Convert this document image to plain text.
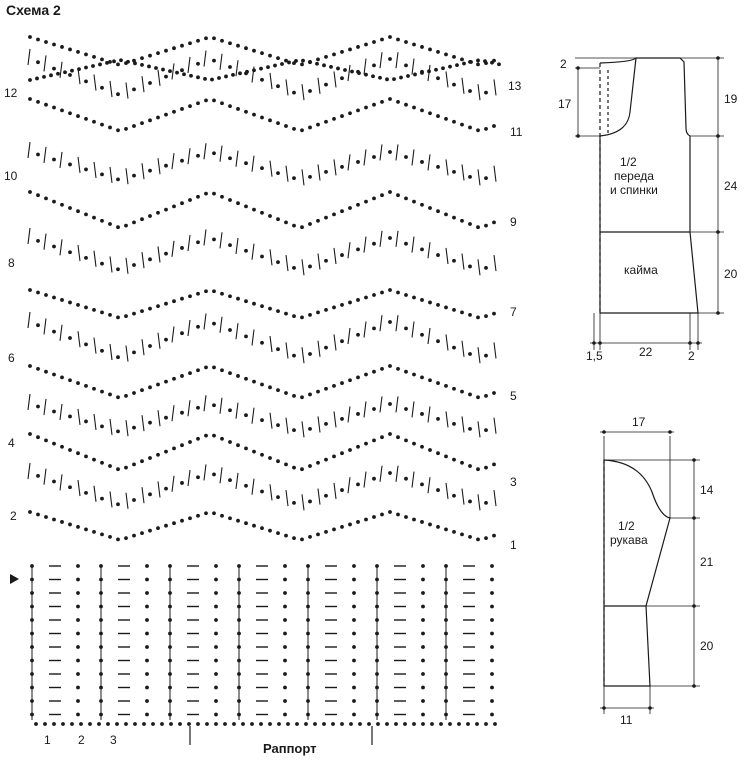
Схема 2
2
4
6
8
10
12
1
3
5
7
9
11
13
1 2 3
Раппорт
2
17	19
24
20
1,5	22	2
1/2
переда
и спинки
кайма
17
14
21
20
11
1/2
рукава
